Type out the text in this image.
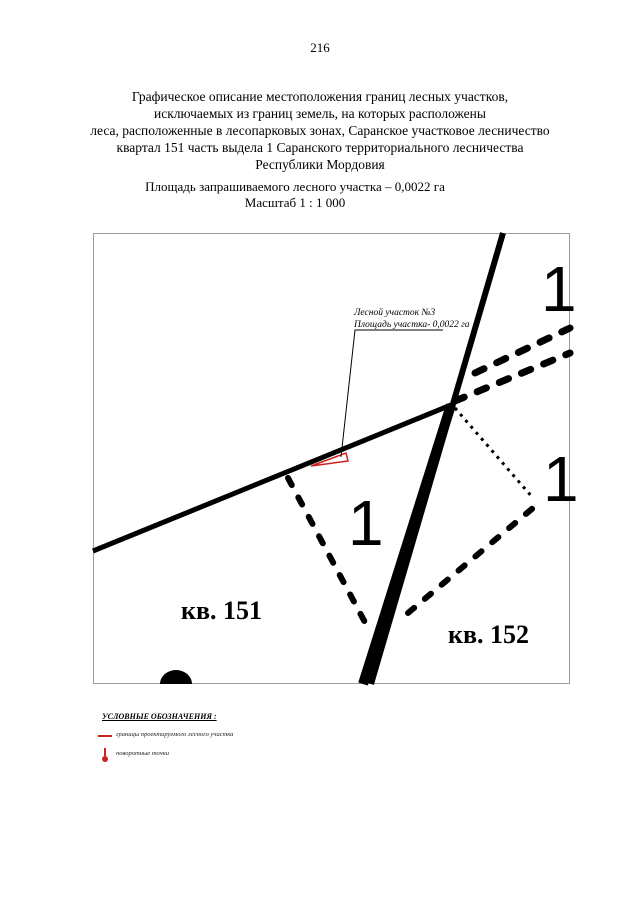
216
Графическое описание местоположения границ лесных участков,
исключаемых из границ земель, на которых расположены
леса, расположенные в лесопарковых зонах, Саранское участковое лесничество
квартал 151 часть выдела 1 Саранского территориального лесничества
Республики Мордовия
Площадь запрашиваемого лесного участка – 0,0022 га
Масштаб 1 : 1 000
Лесной участок №3
Площадь участка- 0,0022 га
1
1
1
кв. 151
кв. 152
УСЛОВНЫЕ ОБОЗНАЧЕНИЯ :
границы проектируемого лесного участка
поворотные точки
